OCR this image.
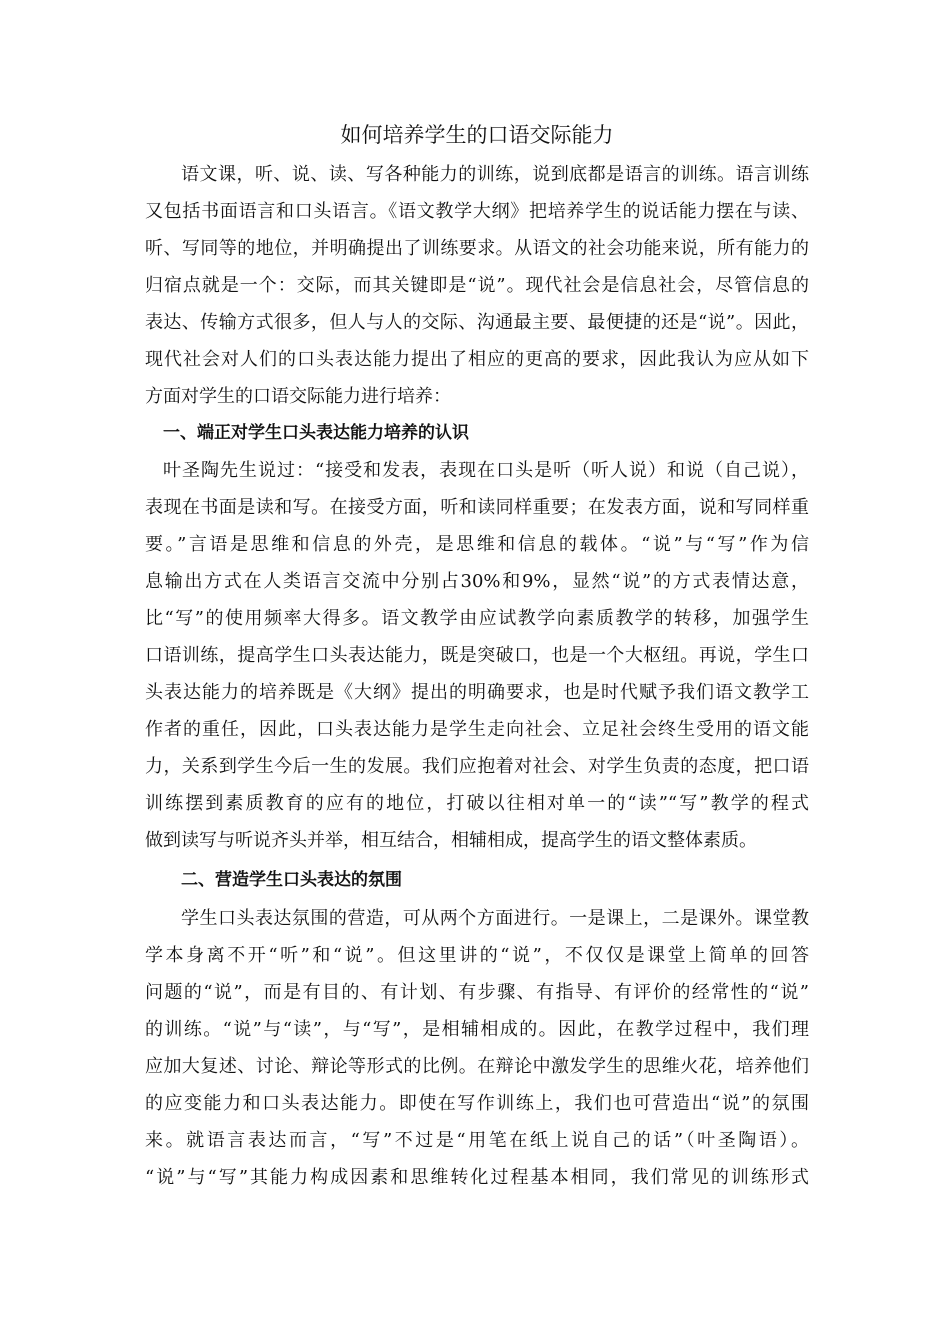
如何培养学生的口语交际能力
语文课，听、说、读、写各种能力的训练，说到底都是语言的训练。语言训练
又包括书面语言和口头语言。《语文教学大纲》把培养学生的说话能力摆在与读、
听、写同等的地位，并明确提出了训练要求。从语文的社会功能来说，所有能力的
归宿点就是一个：交际，而其关键即是“说”。现代社会是信息社会，尽管信息的
表达、传输方式很多，但人与人的交际、沟通最主要、最便捷的还是“说”。因此，
现代社会对人们的口头表达能力提出了相应的更高的要求，因此我认为应从如下
方面对学生的口语交际能力进行培养：
一、端正对学生口头表达能力培养的认识
叶圣陶先生说过：“接受和发表，表现在口头是听（听人说）和说（自己说），
表现在书面是读和写。在接受方面，听和读同样重要；在发表方面，说和写同样重
要。”言语是思维和信息的外壳，是思维和信息的载体。“说”与“写”作为信
息输出方式在人类语言交流中分别占30%和9%，显然“说”的方式表情达意，
比“写”的使用频率大得多。语文教学由应试教学向素质教学的转移，加强学生
口语训练，提高学生口头表达能力，既是突破口，也是一个大枢纽。再说，学生口
头表达能力的培养既是《大纲》提出的明确要求，也是时代赋予我们语文教学工
作者的重任，因此，口头表达能力是学生走向社会、立足社会终生受用的语文能
力，关系到学生今后一生的发展。我们应抱着对社会、对学生负责的态度，把口语
训练摆到素质教育的应有的地位，打破以往相对单一的“读”“写”教学的程式
做到读写与听说齐头并举，相互结合，相辅相成，提高学生的语文整体素质。
二、营造学生口头表达的氛围
学生口头表达氛围的营造，可从两个方面进行。一是课上，二是课外。课堂教
学本身离不开“听”和“说”。但这里讲的“说”，不仅仅是课堂上简单的回答
问题的“说”，而是有目的、有计划、有步骤、有指导、有评价的经常性的“说”
的训练。“说”与“读”，与“写”，是相辅相成的。因此，在教学过程中，我们理
应加大复述、讨论、辩论等形式的比例。在辩论中激发学生的思维火花，培养他们
的应变能力和口头表达能力。即使在写作训练上，我们也可营造出“说”的氛围
来。就语言表达而言，“写”不过是“用笔在纸上说自己的话”（叶圣陶语）。
“说”与“写”其能力构成因素和思维转化过程基本相同，我们常见的训练形式
